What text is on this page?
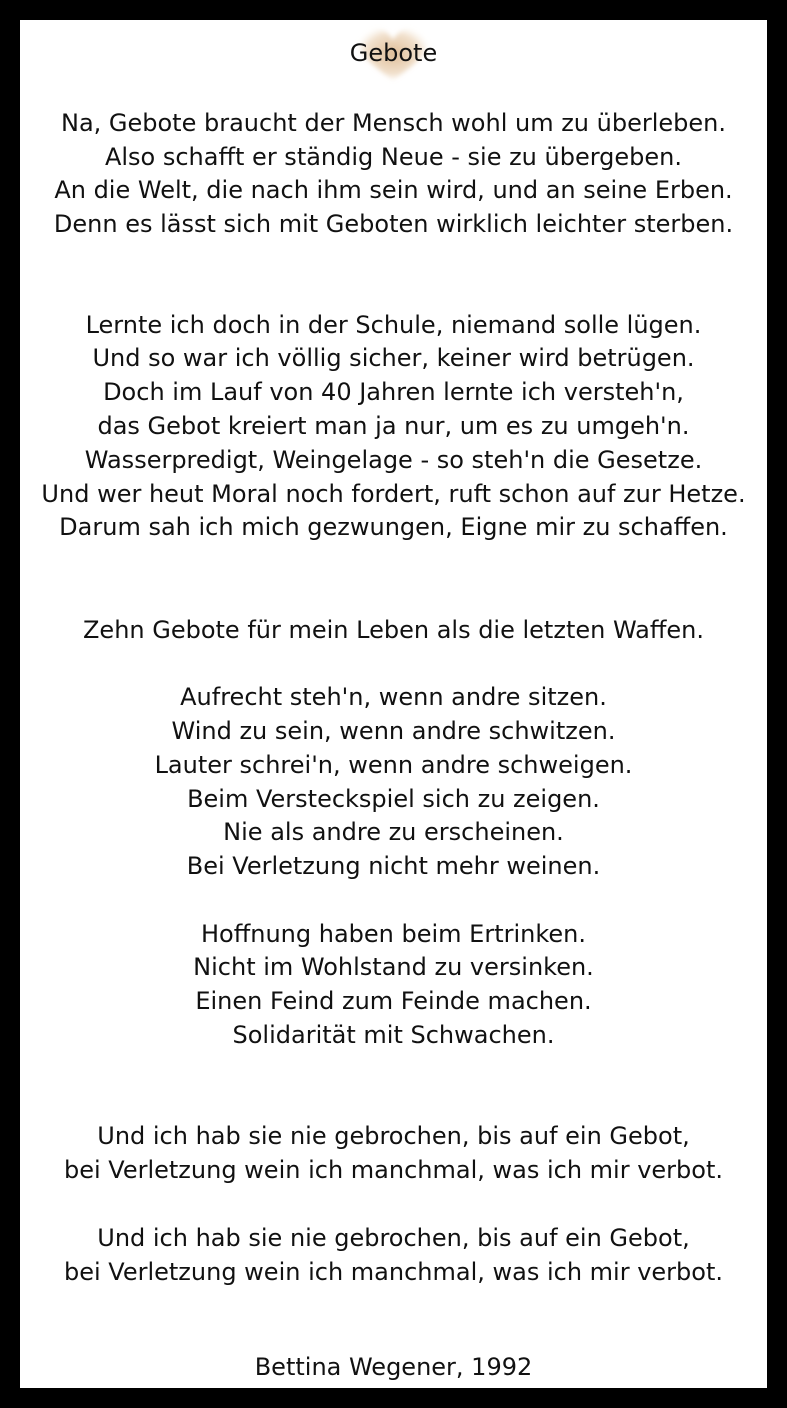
Gebote
Na, Gebote braucht der Mensch wohl um zu überleben.
Also schafft er ständig Neue - sie zu übergeben.
An die Welt, die nach ihm sein wird, und an seine Erben.
Denn es lässt sich mit Geboten wirklich leichter sterben.
Lernte ich doch in der Schule, niemand solle lügen.
Und so war ich völlig sicher, keiner wird betrügen.
Doch im Lauf von 40 Jahren lernte ich versteh'n,
das Gebot kreiert man ja nur, um es zu umgeh'n.
Wasserpredigt, Weingelage - so steh'n die Gesetze.
Und wer heut Moral noch fordert, ruft schon auf zur Hetze.
Darum sah ich mich gezwungen, Eigne mir zu schaffen.
Zehn Gebote für mein Leben als die letzten Waffen.
Aufrecht steh'n, wenn andre sitzen.
Wind zu sein, wenn andre schwitzen.
Lauter schrei'n, wenn andre schweigen.
Beim Versteckspiel sich zu zeigen.
Nie als andre zu erscheinen.
Bei Verletzung nicht mehr weinen.
Hoffnung haben beim Ertrinken.
Nicht im Wohlstand zu versinken.
Einen Feind zum Feinde machen.
Solidarität mit Schwachen.
Und ich hab sie nie gebrochen, bis auf ein Gebot,
bei Verletzung wein ich manchmal, was ich mir verbot.
Und ich hab sie nie gebrochen, bis auf ein Gebot,
bei Verletzung wein ich manchmal, was ich mir verbot.
Bettina Wegener, 1992
